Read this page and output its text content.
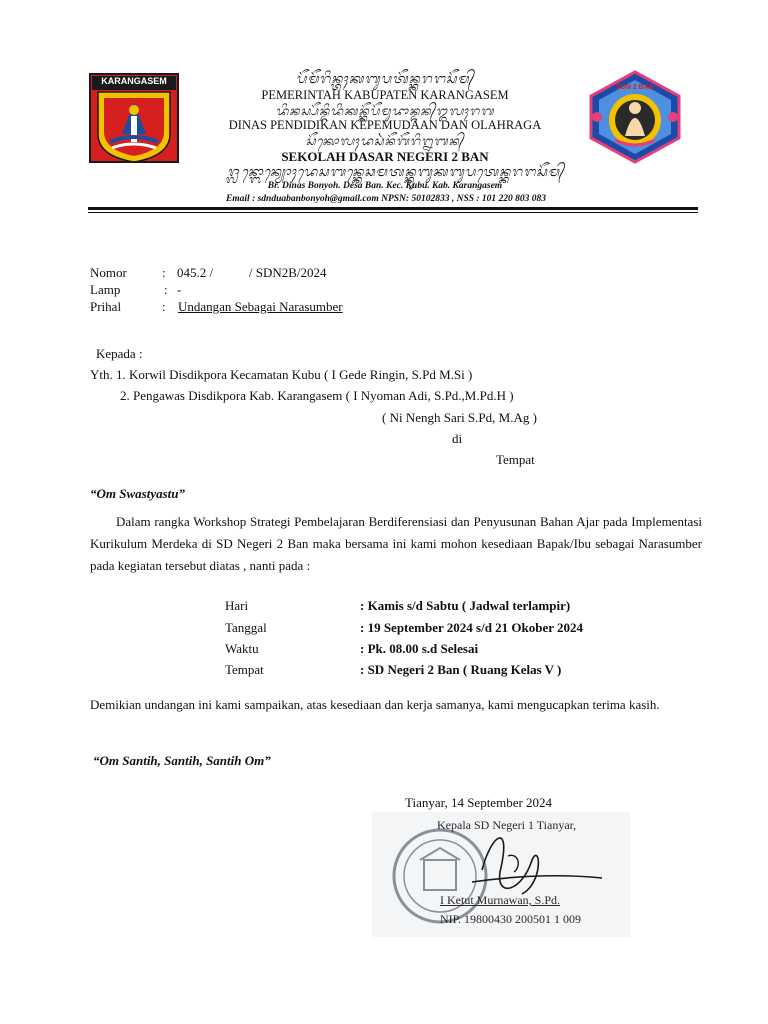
KARANGASEM
SDN 2 BAN
ᬧᭂᬫᭂᬭᬶᬦ᭄ᬢᬄᬓᬩᬸᬧᬢᭂᬦ᭄ᬓᬭᬗᬲᭂᬫ᭄
PEMERINTAH KABUPATEN KARANGASEM
ᬤᬶᬦᬲ᭄ᬧᭂᬦ᭄ᬤᬶᬤᬶᬓᬦ᭄ᬓᭂᬧᭂᬫᬸᬤᬵᬦ᭄ᬤᬦ᭄ᬑᬮᬄᬭᬕ
DINAS PENDIDIKAN KEPEMUDAAN DAN OLAHRAGA
ᬲᭂᬓᭀᬮᬄᬤᬲᬃᬦᭂᬕᭂᬭᬶ᭒ᬩᬦ᭄
SEKOLAH DASAR NEGERI 2 BAN
ᬚ᭄ᬮᬦ᭄ᬩᭀᬦ᭄ᬬᭀᬄᬤᬾᬲᬩᬦ᭄ᬓᬾᬘᬫᬢᬦ᭄ᬓᬸᬩᬸᬓᬩᬸᬧᬢᬾᬦ᭄ᬓᬭᬗᬲᭂᬫ᭄
Br. Dinas Bonyoh. Desa Ban. Kec. Kubu. Kab. Karangasem
Email : sdnduabanbonyoh@gmail.com NPSN: 50102833 , NSS : 101 220 803 083
Nomor	: 045.2 /           / SDN2B/2024
Lamp	: -
Prihal	: Undangan Sebagai Narasumber
Kepada :
Yth. 1. Korwil Disdikpora Kecamatan Kubu ( I Gede Ringin, S.Pd M.Si )
2. Pengawas Disdikpora Kab. Karangasem ( I Nyoman Adi, S.Pd.,M.Pd.H )
( Ni Nengh Sari S.Pd, M.Ag )
di
Tempat
“Om Swastyastu”
Dalam rangka Workshop Strategi Pembelajaran Berdiferensiasi dan Penyusunan Bahan Ajar pada Implementasi Kurikulum Merdeka di SD Negeri 2 Ban maka bersama ini kami mohon kesediaan Bapak/Ibu sebagai Narasumber pada kegiatan tersebut diatas , nanti pada :
Hari	: Kamis s/d Sabtu ( Jadwal terlampir)
Tanggal	: 19 September 2024 s/d 21 Okober 2024
Waktu	: Pk. 08.00 s.d Selesai
Tempat	: SD Negeri 2 Ban ( Ruang Kelas V )
Demikian undangan ini kami sampaikan, atas kesediaan dan kerja samanya, kami mengucapkan terima kasih.
“Om Santih, Santih, Santih Om”
Tianyar, 14 September 2024
Kepala SD Negeri 1 Tianyar,
I Ketut Murnawan, S.Pd.
NIP. 19800430 200501 1 009
